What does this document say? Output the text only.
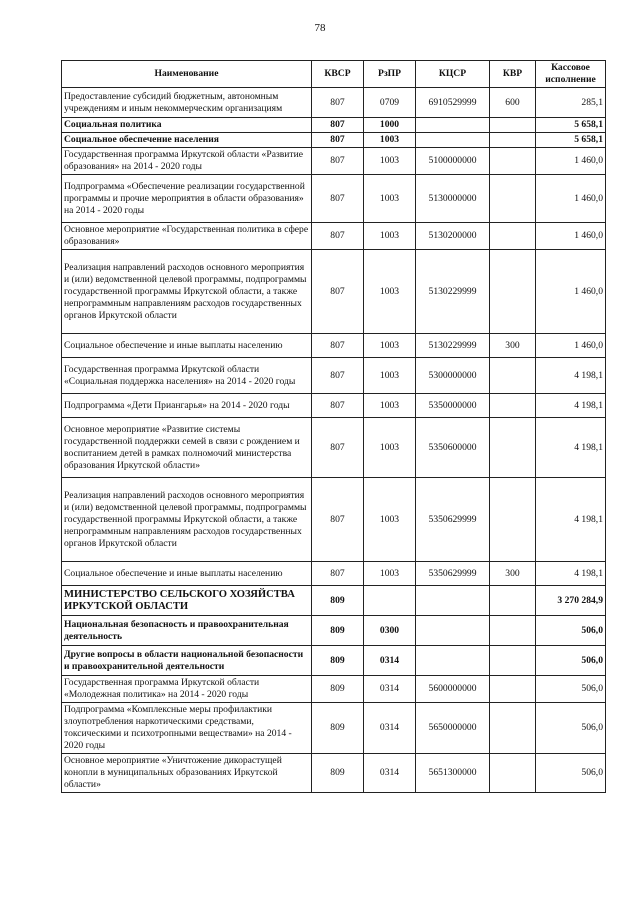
78
Наименование	КВСР	РзПР	КЦСР	КВР	Кассовое исполнение
Предоставление субсидий бюджетным, автономным учреждениям и иным некоммерческим организациям	807	0709	6910529999	600	285,1
Социальная политика	807	1000			5 658,1
Социальное обеспечение населения	807	1003			5 658,1
Государственная программа Иркутской области «Развитие образования» на 2014 - 2020 годы	807	1003	5100000000		1 460,0
Подпрограмма «Обеспечение реализации государственной программы и прочие мероприятия в области образования» на 2014 - 2020 годы	807	1003	5130000000		1 460,0
Основное мероприятие «Государственная политика в сфере образования»	807	1003	5130200000		1 460,0
Реализация направлений расходов основного мероприятия и (или) ведомственной целевой программы, подпрограммы государственной программы Иркутской области, а также непрограммным направлениям расходов государственных органов Иркутской области	807	1003	5130229999		1 460,0
Социальное обеспечение и иные выплаты населению	807	1003	5130229999	300	1 460,0
Государственная программа Иркутской области «Социальная поддержка населения» на 2014 - 2020 годы	807	1003	5300000000		4 198,1
Подпрограмма «Дети Приангарья» на 2014 - 2020 годы	807	1003	5350000000		4 198,1
Основное мероприятие «Развитие системы государственной поддержки семей в связи с рождением и воспитанием детей в рамках полномочий министерства образования Иркутской области»	807	1003	5350600000		4 198,1
Реализация направлений расходов основного мероприятия и (или) ведомственной целевой программы, подпрограммы государственной программы Иркутской области, а также непрограммным направлениям расходов государственных органов Иркутской области	807	1003	5350629999		4 198,1
Социальное обеспечение и иные выплаты населению	807	1003	5350629999	300	4 198,1
МИНИСТЕРСТВО СЕЛЬСКОГО ХОЗЯЙСТВА ИРКУТСКОЙ ОБЛАСТИ	809				3 270 284,9
Национальная безопасность и правоохранительная деятельность	809	0300			506,0
Другие вопросы в области национальной безопасности и правоохранительной деятельности	809	0314			506,0
Государственная программа Иркутской области «Молодежная политика» на 2014 - 2020 годы	809	0314	5600000000		506,0
Подпрограмма «Комплексные меры профилактики злоупотребления наркотическими средствами, токсическими и психотропными веществами» на 2014 - 2020 годы	809	0314	5650000000		506,0
Основное мероприятие «Уничтожение дикорастущей конопли в муниципальных образованиях Иркутской области»	809	0314	5651300000		506,0
